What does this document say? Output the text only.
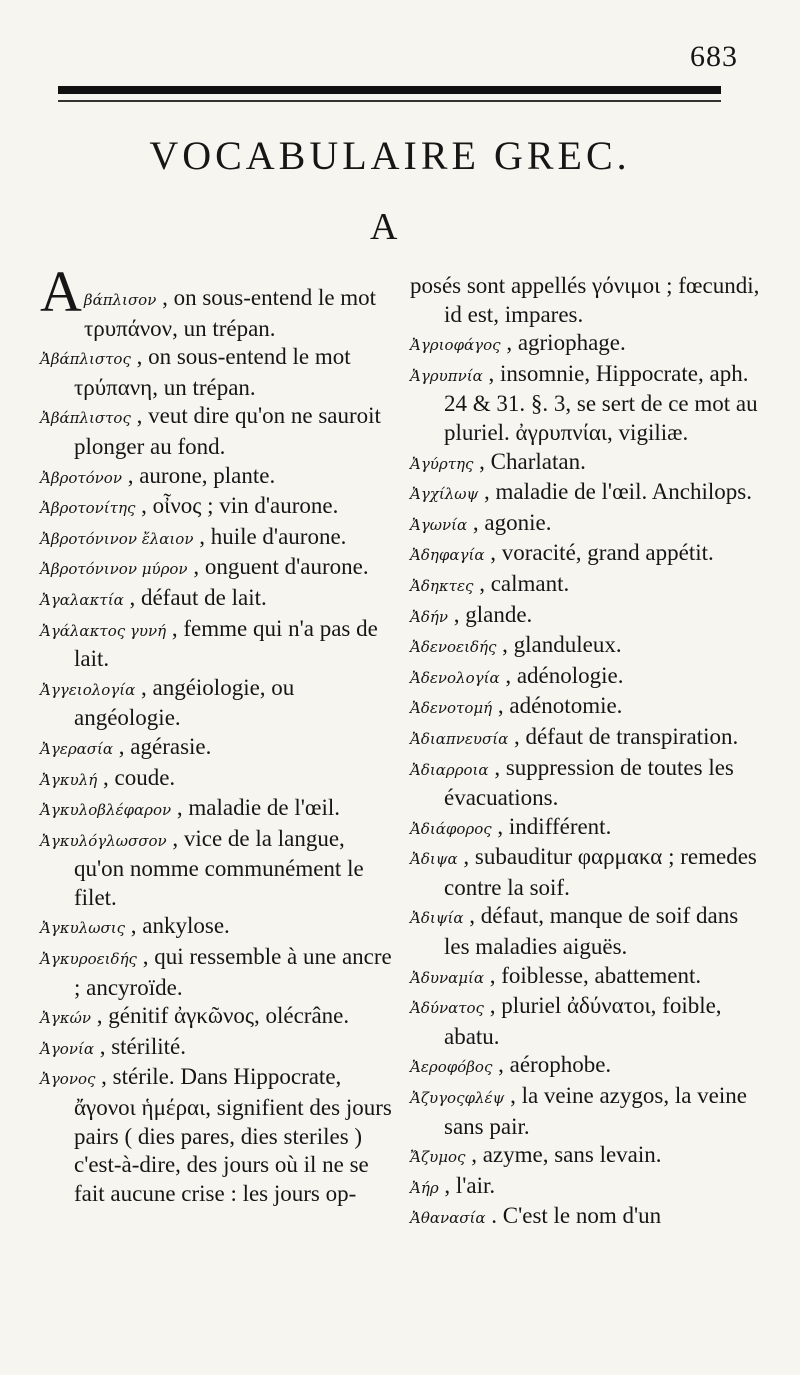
683
VOCABULAIRE GREC.
A
Aβάπλισον , on sous-entend le mot τρυπάνον, un trépan.
Ἀβάπλιστος , on sous-entend le mot τρύπανη, un trépan.
Ἀβάπλιστος , veut dire qu'on ne sauroit plonger au fond.
Ἀβροτόνον , aurone, plante.
Ἀβροτονίτης , οἶνος ; vin d'aurone.
Ἀβροτόνινον ἔλαιον , huile d'aurone.
Ἀβροτόνινον μύρον , onguent d'aurone.
Ἀγαλακτία , défaut de lait.
Ἀγάλακτος γυνή , femme qui n'a pas de lait.
Ἀγγειολογία , angéiologie, ou angéologie.
Ἀγερασία , agérasie.
Ἀγκυλή , coude.
Ἀγκυλοβλέφαρον , maladie de l'œil.
Ἀγκυλόγλωσσον , vice de la langue, qu'on nomme communément le filet.
Ἀγκυλωσις , ankylose.
Ἀγκυροειδής , qui ressemble à une ancre ; ancyroïde.
Ἀγκών , génitif ἀγκῶνος, olécrâne.
Ἀγονία , stérilité.
Ἀγονος , stérile. Dans Hippocrate, ἄγονοι ἡμέραι, signifient des jours pairs ( dies pares, dies steriles ) c'est-à-dire, des jours où il ne se fait aucune crise : les jours op-
posés sont appellés γόνιμοι ; fœcundi, id est, impares.
Ἀγριοφάγος , agriophage.
Ἀγρυπνία , insomnie, Hippocrate, aph. 24 & 31. §. 3, se sert de ce mot au pluriel. ἀγρυπνίαι, vigiliæ.
Ἀγύρτης , Charlatan.
Ἀγχίλωψ , maladie de l'œil. Anchilops.
Ἀγωνία , agonie.
Ἀδηφαγία , voracité, grand appétit.
Ἀδηκτες , calmant.
Ἀδήν , glande.
Ἀδενοειδής , glanduleux.
Ἀδενολογία , adénologie.
Ἀδενοτομή , adénotomie.
Ἀδιαπνευσία , défaut de transpiration.
Ἀδιαρροια , suppression de toutes les évacuations.
Ἀδιάφορος , indifférent.
Ἀδιψα , subauditur φαρμακα ; remedes contre la soif.
Ἀδιψία , défaut, manque de soif dans les maladies aiguës.
Ἀδυναμία , foiblesse, abattement.
Ἀδύνατος , pluriel ἀδύνατοι, foible, abatu.
Ἀεροφόβος , aérophobe.
Ἀζυγοςφλέψ , la veine azygos, la veine sans pair.
Ἄζυμος , azyme, sans levain.
Ἀήρ , l'air.
Ἀθανασία . C'est le nom d'un
